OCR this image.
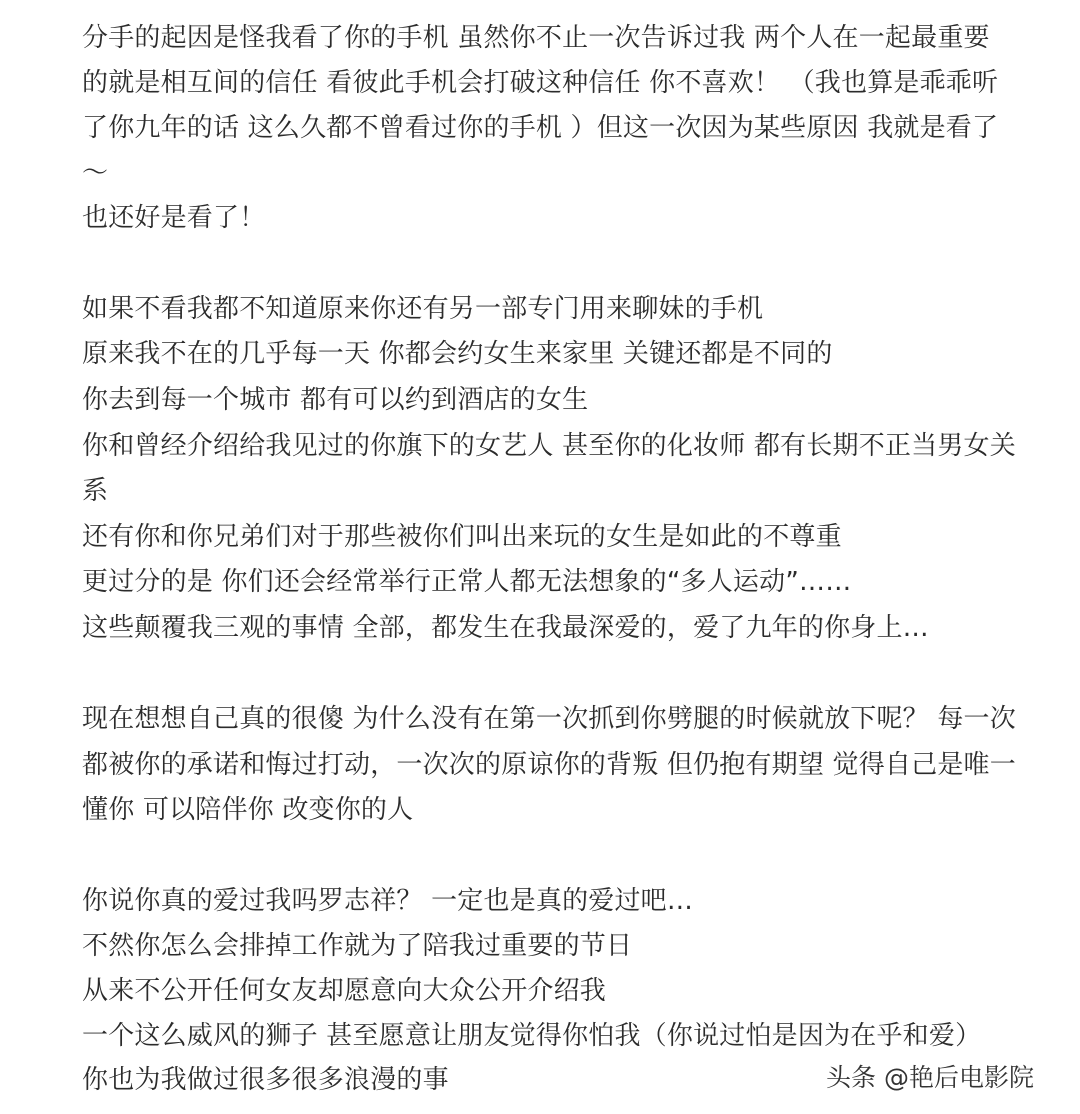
分手的起因是怪我看了你的手机 虽然你不止一次告诉过我 两个人在一起最重要
的就是相互间的信任 看彼此手机会打破这种信任 你不喜欢！ （我也算是乖乖听
了你九年的话 这么久都不曾看过你的手机 ）但这一次因为某些原因 我就是看了
～
也还好是看了！
如果不看我都不知道原来你还有另一部专门用来聊妹的手机
原来我不在的几乎每一天 你都会约女生来家里 关键还都是不同的
你去到每一个城市 都有可以约到酒店的女生
你和曾经介绍给我见过的你旗下的女艺人 甚至你的化妆师 都有长期不正当男女关
系
还有你和你兄弟们对于那些被你们叫出来玩的女生是如此的不尊重
更过分的是 你们还会经常举行正常人都无法想象的“多人运动”……
这些颠覆我三观的事情 全部，都发生在我最深爱的，爱了九年的你身上…
现在想想自己真的很傻 为什么没有在第一次抓到你劈腿的时候就放下呢？ 每一次
都被你的承诺和悔过打动，一次次的原谅你的背叛 但仍抱有期望 觉得自己是唯一
懂你 可以陪伴你 改变你的人
你说你真的爱过我吗罗志祥？ 一定也是真的爱过吧…
不然你怎么会排掉工作就为了陪我过重要的节日
从来不公开任何女友却愿意向大众公开介绍我
一个这么威风的狮子 甚至愿意让朋友觉得你怕我（你说过怕是因为在乎和爱）
你也为我做过很多很多浪漫的事	头条 @艳后电影院
